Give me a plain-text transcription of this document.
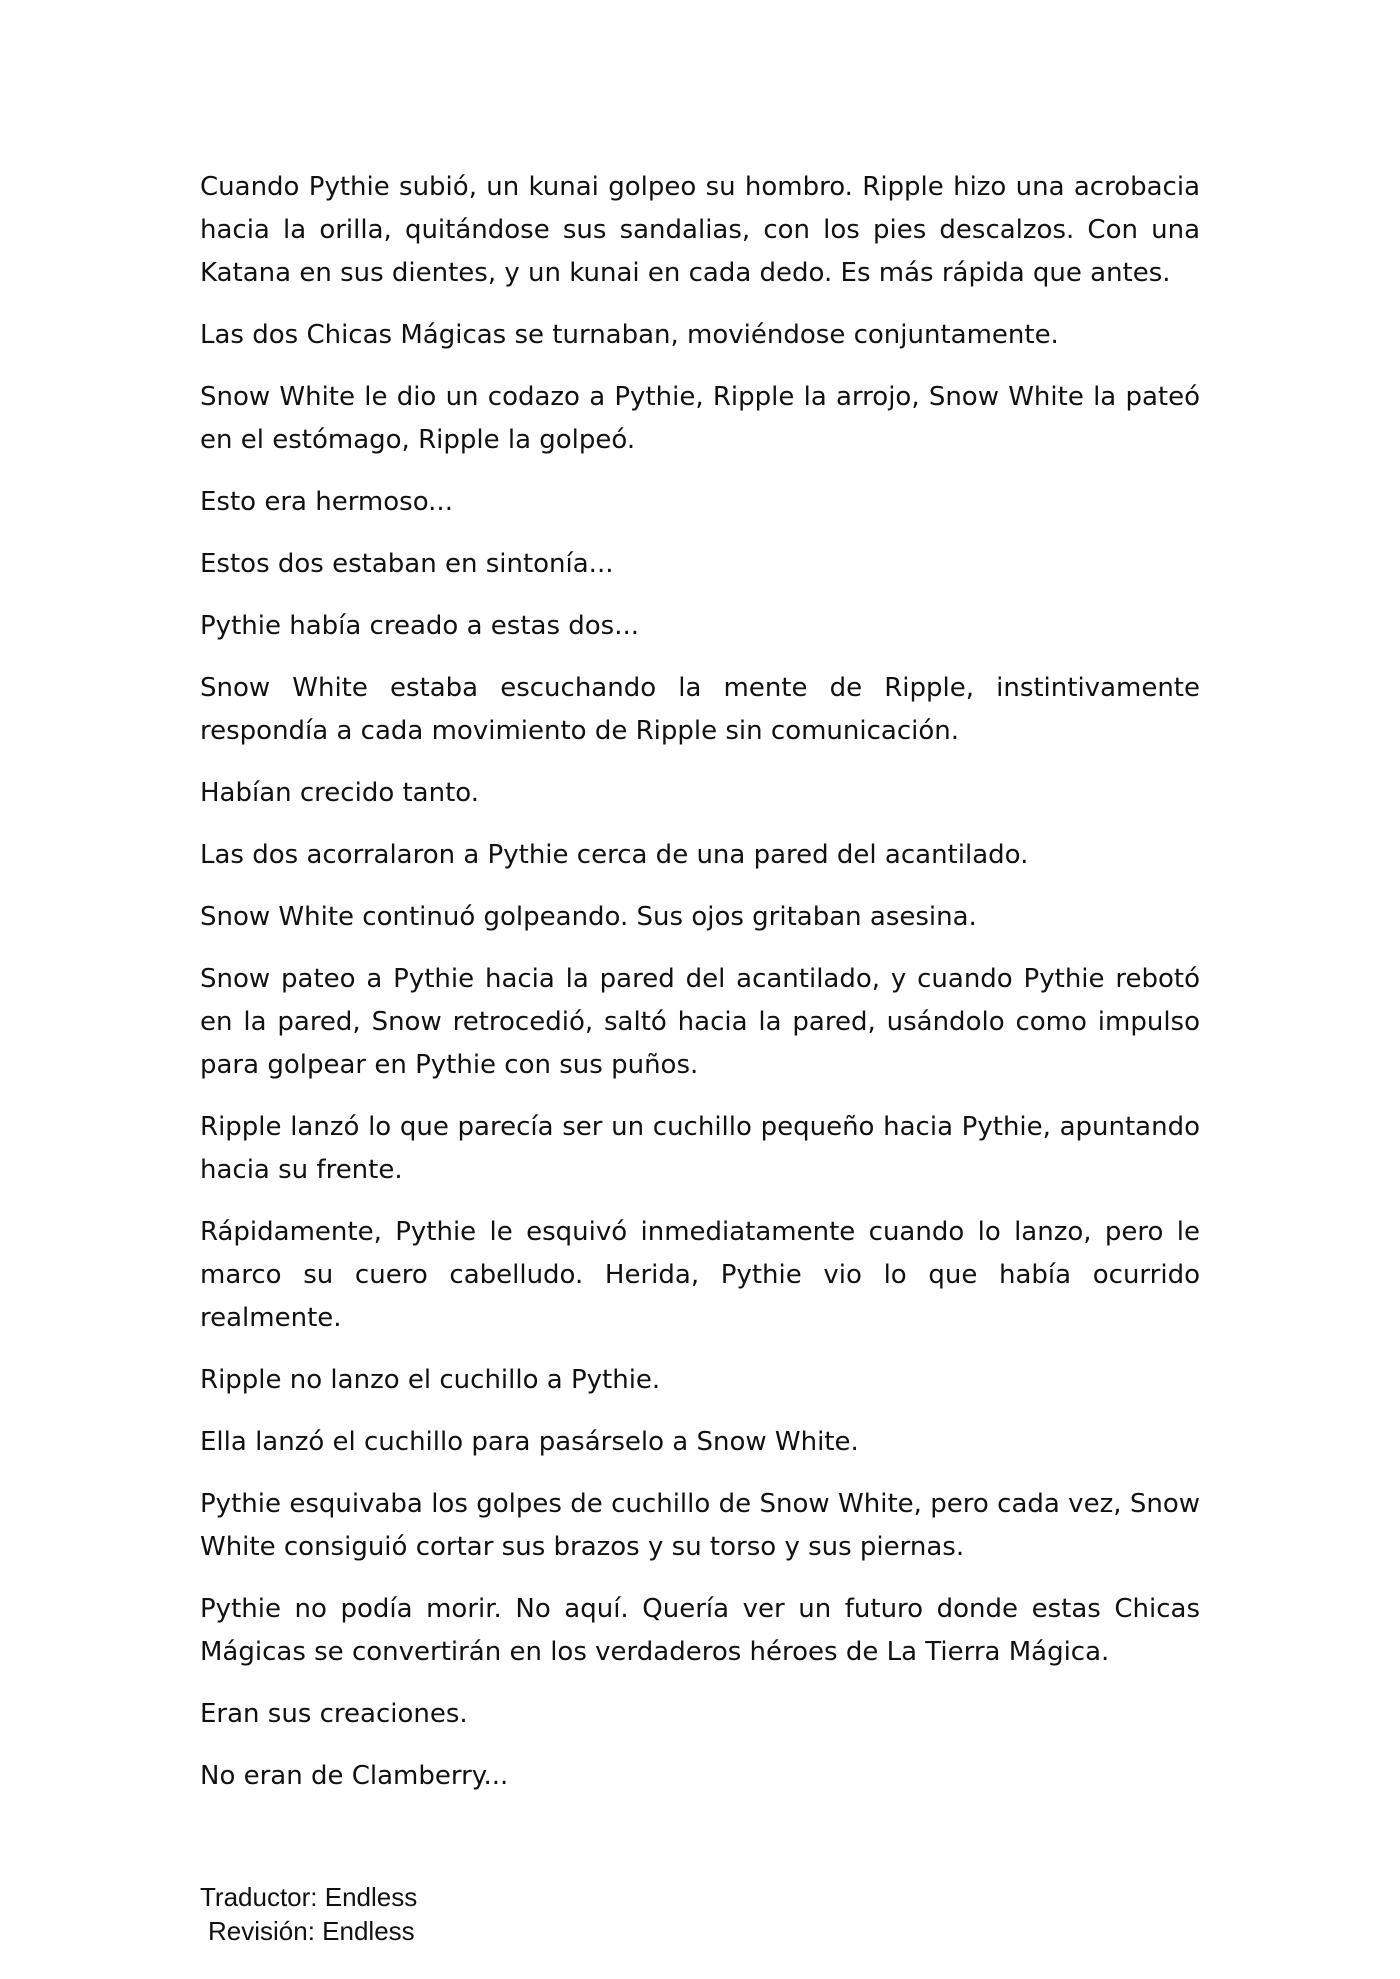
Cuando Pythie subió, un kunai golpeo su hombro. Ripple hizo una acrobacia hacia la orilla, quitándose sus sandalias, con los pies descalzos. Con una Katana en sus dientes, y un kunai en cada dedo. Es más rápida que antes.

Las dos Chicas Mágicas se turnaban, moviéndose conjuntamente.

Snow White le dio un codazo a Pythie, Ripple la arrojo, Snow White la pateó en el estómago, Ripple la golpeó.

Esto era hermoso...

Estos dos estaban en sintonía...

Pythie había creado a estas dos...

Snow White estaba escuchando la mente de Ripple, instintivamente respondía a cada movimiento de Ripple sin comunicación.

Habían crecido tanto.

Las dos acorralaron a Pythie cerca de una pared del acantilado.

Snow White continuó golpeando. Sus ojos gritaban asesina.

Snow pateo a Pythie hacia la pared del acantilado, y cuando Pythie rebotó en la pared, Snow retrocedió, saltó hacia la pared, usándolo como impulso para golpear en Pythie con sus puños.

Ripple lanzó lo que parecía ser un cuchillo pequeño hacia Pythie, apuntando hacia su frente.

Rápidamente, Pythie le esquivó inmediatamente cuando lo lanzo, pero le marco su cuero cabelludo. Herida, Pythie vio lo que había ocurrido realmente.

Ripple no lanzo el cuchillo a Pythie.

Ella lanzó el cuchillo para pasárselo a Snow White.

Pythie esquivaba los golpes de cuchillo de Snow White, pero cada vez, Snow White consiguió cortar sus brazos y su torso y sus piernas.

Pythie no podía morir. No aquí. Quería ver un futuro donde estas Chicas Mágicas se convertirán en los verdaderos héroes de La Tierra Mágica.

Eran sus creaciones.

No eran de Clamberry...

Traductor: Endless
Revisión: Endless
